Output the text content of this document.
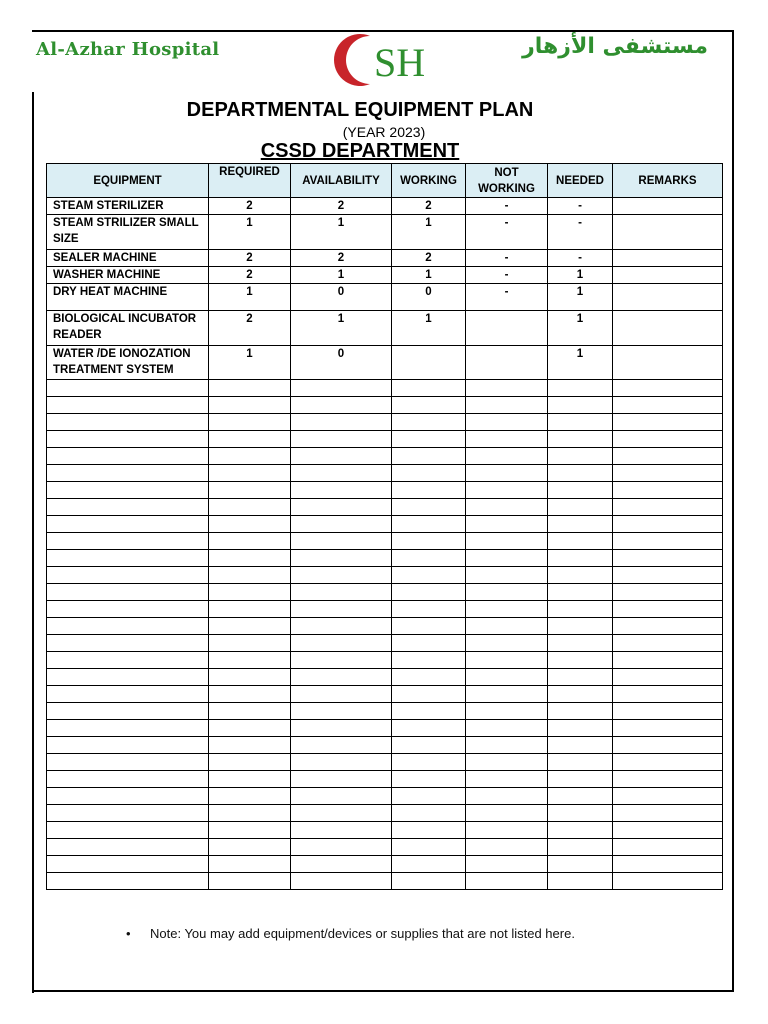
Al-Azhar Hospital	SH	مستشفى الأزهار
DEPARTMENTAL EQUIPMENT PLAN
(YEAR 2023)
CSSD DEPARTMENT
EQUIPMENT	REQUIRED	AVAILABILITY	WORKING	NOT WORKING	NEEDED	REMARKS
STEAM STERILIZER	2	2	2	-	-	
STEAM STRILIZER SMALL SIZE	1	1	1	-	-	
SEALER MACHINE	2	2	2	-	-	
WASHER MACHINE	2	1	1	-	1	
DRY HEAT MACHINE	1	0	0	-	1	
BIOLOGICAL INCUBATOR READER	2	1	1		1	
WATER /DE IONOZATION TREATMENT SYSTEM	1	0			1	

• Note: You may add equipment/devices or supplies that are not listed here.
